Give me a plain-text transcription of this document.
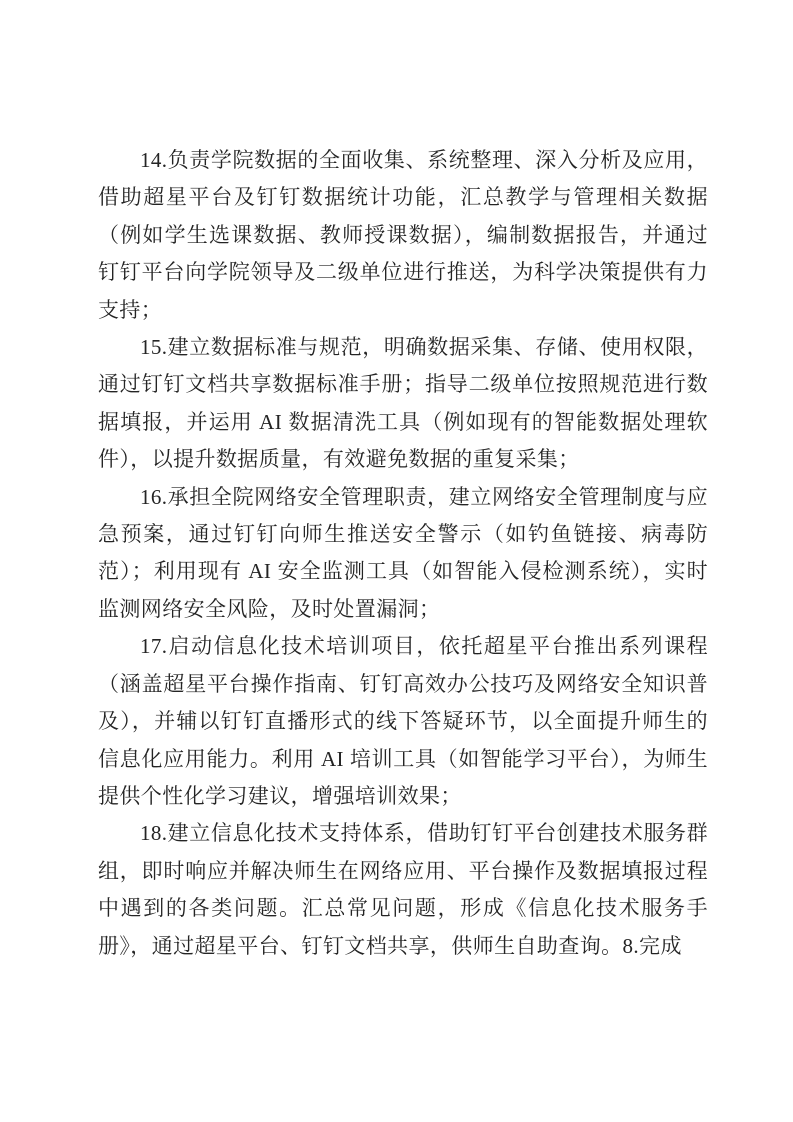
14.负责学院数据的全面收集、系统整理、深入分析及应用，借助超星平台及钉钉数据统计功能，汇总教学与管理相关数据（例如学生选课数据、教师授课数据），编制数据报告，并通过钉钉平台向学院领导及二级单位进行推送，为科学决策提供有力支持；

15.建立数据标准与规范，明确数据采集、存储、使用权限，通过钉钉文档共享数据标准手册；指导二级单位按照规范进行数据填报，并运用 AI 数据清洗工具（例如现有的智能数据处理软件），以提升数据质量，有效避免数据的重复采集；

16.承担全院网络安全管理职责，建立网络安全管理制度与应急预案，通过钉钉向师生推送安全警示（如钓鱼链接、病毒防范）；利用现有 AI 安全监测工具（如智能入侵检测系统），实时监测网络安全风险，及时处置漏洞；

17.启动信息化技术培训项目，依托超星平台推出系列课程（涵盖超星平台操作指南、钉钉高效办公技巧及网络安全知识普及），并辅以钉钉直播形式的线下答疑环节，以全面提升师生的信息化应用能力。利用 AI 培训工具（如智能学习平台），为师生提供个性化学习建议，增强培训效果；

18.建立信息化技术支持体系，借助钉钉平台创建技术服务群组，即时响应并解决师生在网络应用、平台操作及数据填报过程中遇到的各类问题。汇总常见问题，形成《信息化技术服务手册》，通过超星平台、钉钉文档共享，供师生自助查询。8.完成
